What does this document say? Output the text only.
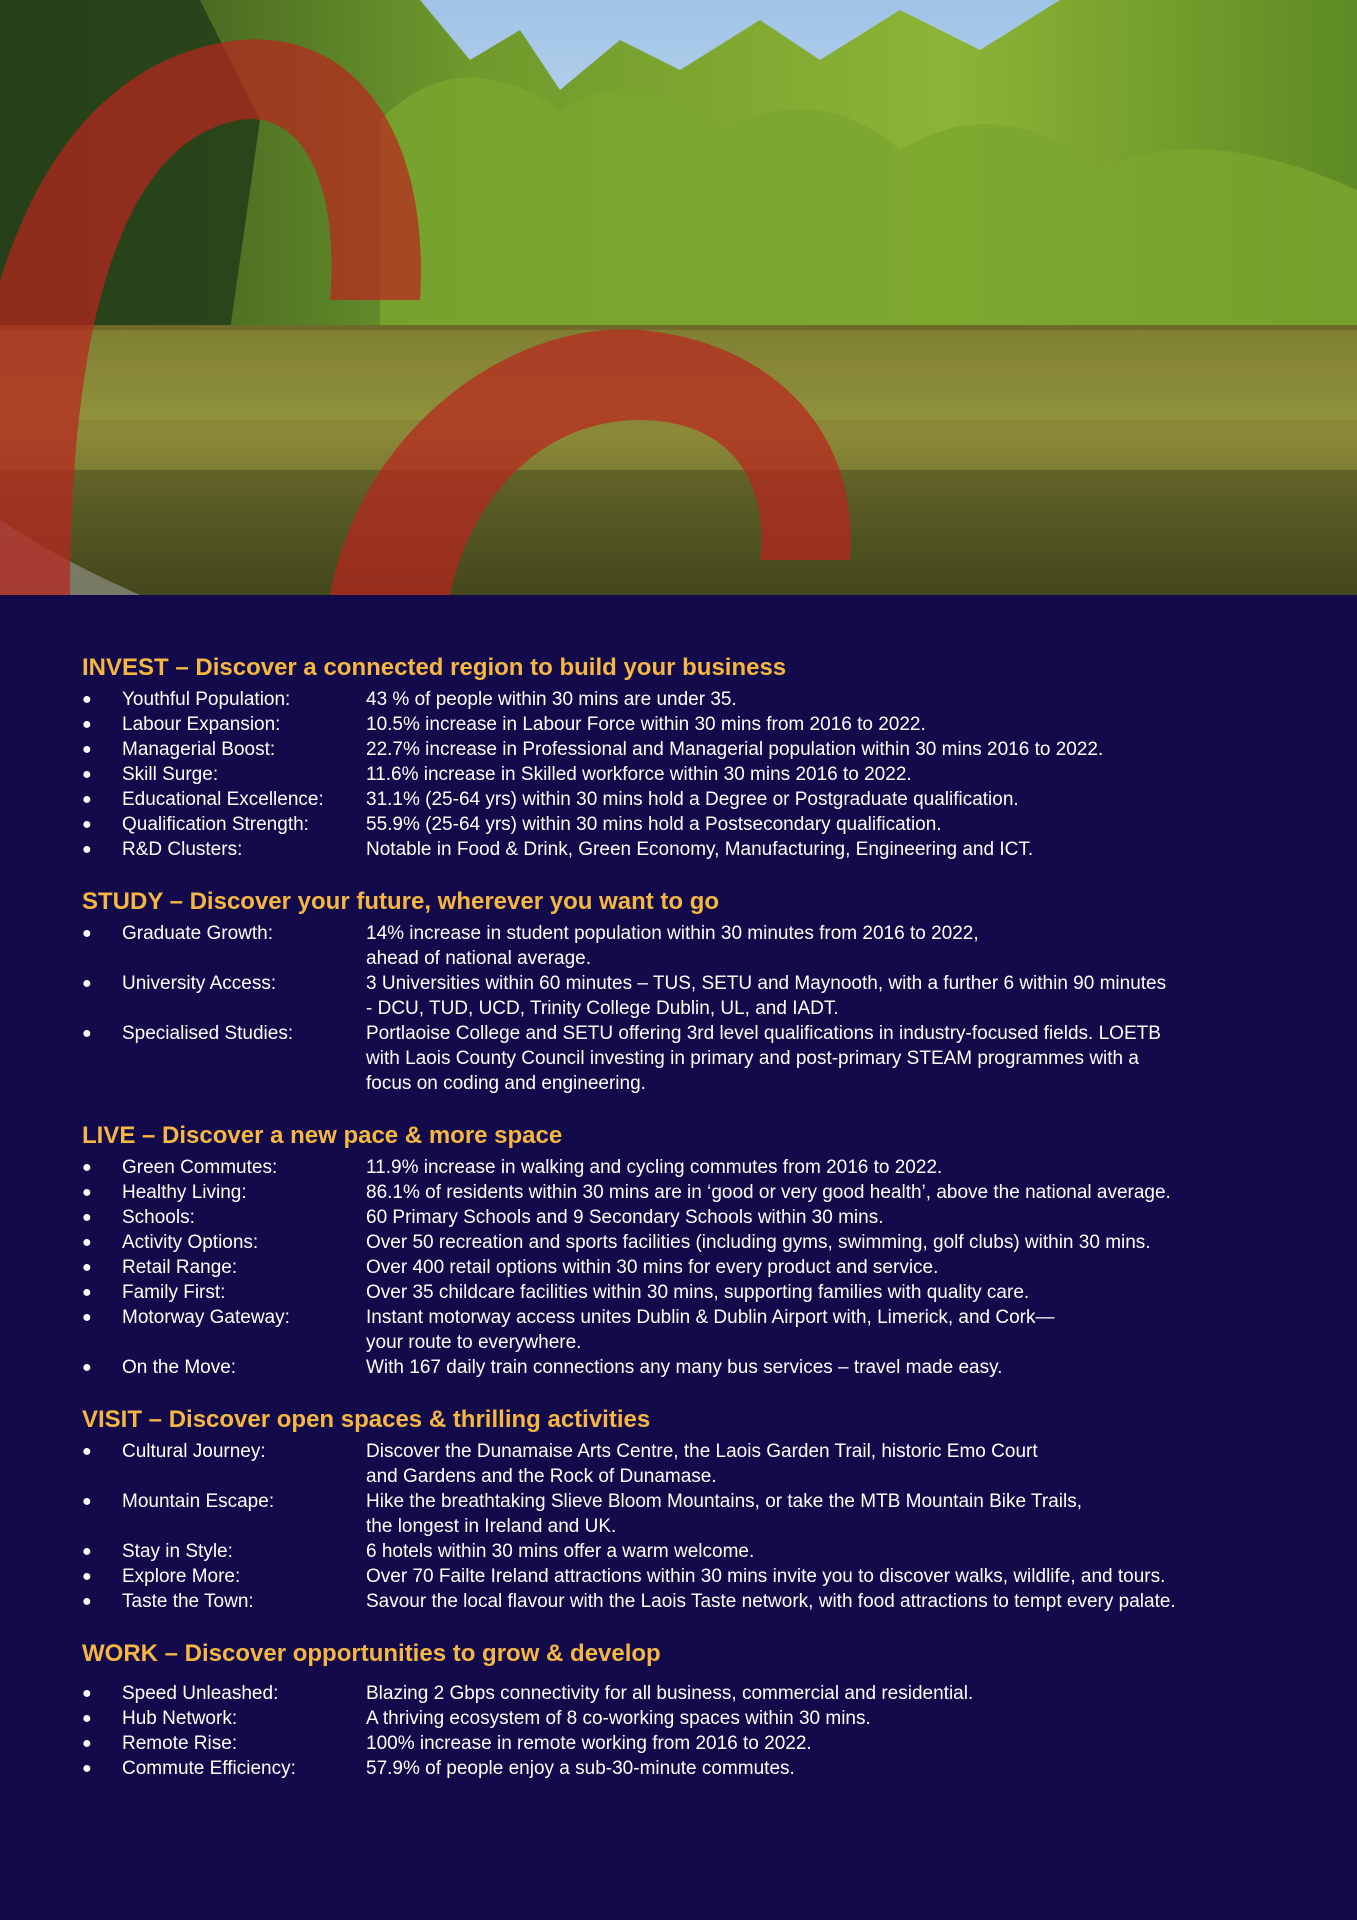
INVEST – Discover a connected region to build your business
●	Youthful Population:	43 % of people within 30 mins are under 35.
●	Labour Expansion:	10.5% increase in Labour Force within 30 mins from 2016 to 2022.
●	Managerial Boost:	22.7% increase in Professional and Managerial population within 30 mins 2016 to 2022.
●	Skill Surge:	11.6% increase in Skilled workforce within 30 mins 2016 to 2022.
●	Educational Excellence:	31.1% (25-64 yrs) within 30 mins hold a Degree or Postgraduate qualification.
●	Qualification Strength:	55.9% (25-64 yrs) within 30 mins hold a Postsecondary qualification.
●	R&D Clusters:	Notable in Food & Drink, Green Economy, Manufacturing, Engineering and ICT.
STUDY – Discover your future, wherever you want to go
●	Graduate Growth:	14% increase in student population within 30 minutes from 2016 to 2022,
ahead of national average.
●	University Access:	3 Universities within 60 minutes – TUS, SETU and Maynooth, with a further 6 within 90 minutes
- DCU, TUD, UCD, Trinity College Dublin, UL, and IADT.
●	Specialised Studies:	Portlaoise College and SETU offering 3rd level qualifications in industry-focused fields. LOETB
with Laois County Council investing in primary and post-primary STEAM programmes with a
focus on coding and engineering.
LIVE – Discover a new pace & more space
●	Green Commutes:	11.9% increase in walking and cycling commutes from 2016 to 2022.
●	Healthy Living:	86.1% of residents within 30 mins are in ‘good or very good health’, above the national average.
●	Schools:	60 Primary Schools and 9 Secondary Schools within 30 mins.
●	Activity Options:	Over 50 recreation and sports facilities (including gyms, swimming, golf clubs) within 30 mins.
●	Retail Range:	Over 400 retail options within 30 mins for every product and service.
●	Family First:	Over 35 childcare facilities within 30 mins, supporting families with quality care.
●	Motorway Gateway:	Instant motorway access unites Dublin & Dublin Airport with, Limerick, and Cork—
your route to everywhere.
●	On the Move:	With 167 daily train connections any many bus services – travel made easy.
VISIT – Discover open spaces & thrilling activities
●	Cultural Journey:	Discover the Dunamaise Arts Centre, the Laois Garden Trail, historic Emo Court
and Gardens and the Rock of Dunamase.
●	Mountain Escape:	Hike the breathtaking Slieve Bloom Mountains, or take the MTB Mountain Bike Trails,
the longest in Ireland and UK.
●	Stay in Style:	6 hotels within 30 mins offer a warm welcome.
●	Explore More:	Over 70 Failte Ireland attractions within 30 mins invite you to discover walks, wildlife, and tours.
●	Taste the Town:	Savour the local flavour with the Laois Taste network, with food attractions to tempt every palate.
WORK – Discover opportunities to grow & develop
●	Speed Unleashed:	Blazing 2 Gbps connectivity for all business, commercial and residential.
●	Hub Network:	A thriving ecosystem of 8 co-working spaces within 30 mins.
●	Remote Rise:	100% increase in remote working from 2016 to 2022.
●	Commute Efficiency:	57.9% of people enjoy a sub-30-minute commutes.
